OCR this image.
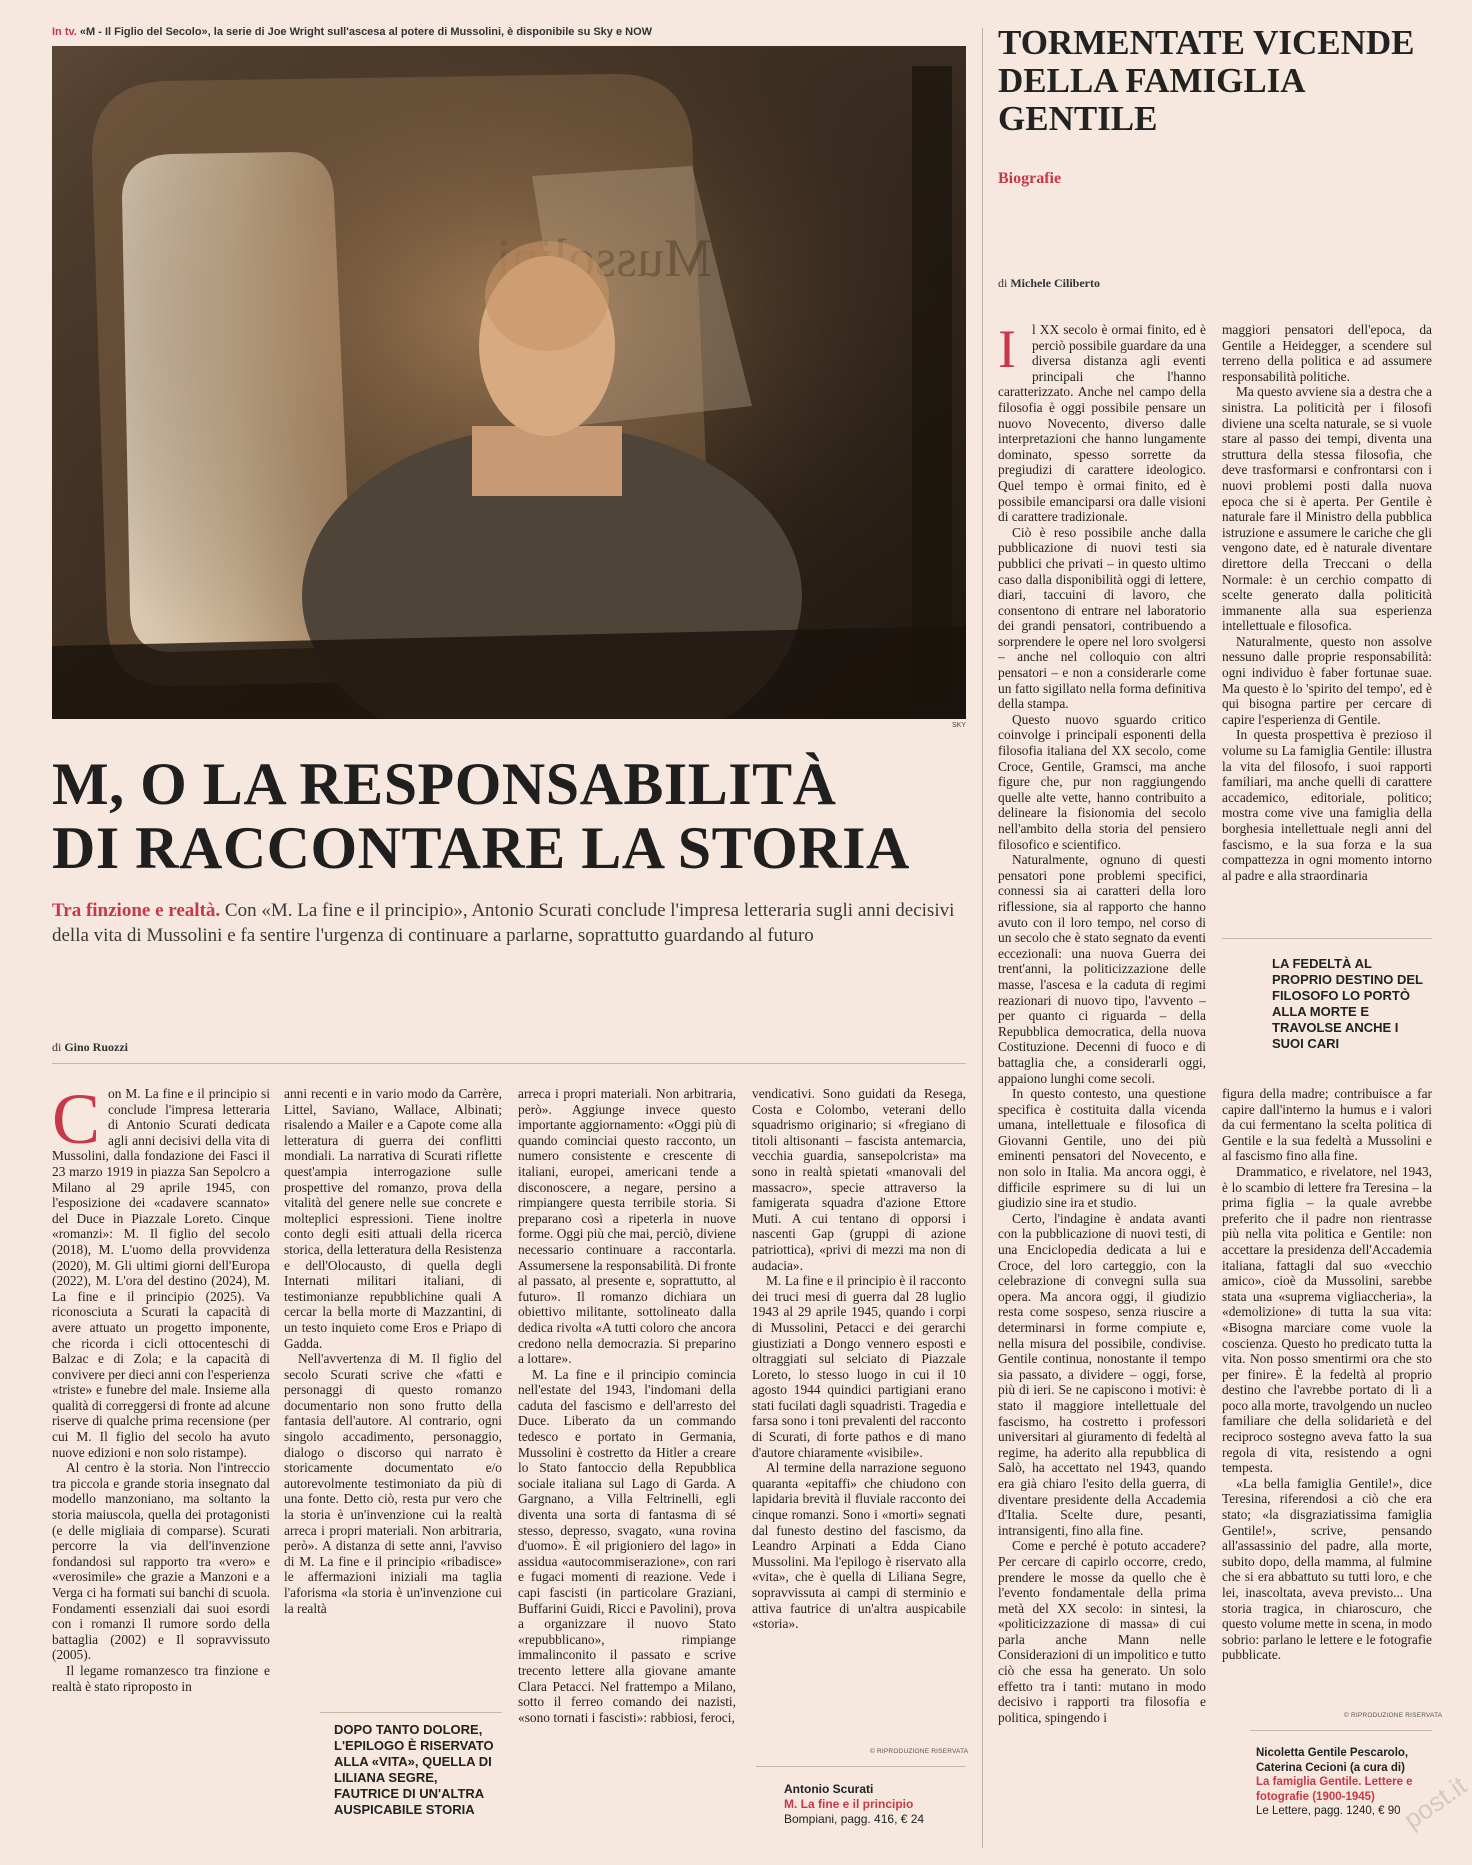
In tv. «M - Il Figlio del Secolo», la serie di Joe Wright sull'ascesa al potere di Mussolini, è disponibile su Sky e NOW
SKY
M, O LA RESPONSABILITÀ
DI RACCONTARE LA STORIA
Tra finzione e realtà. Con «M. La fine e il principio», Antonio Scurati conclude l'impresa letteraria sugli anni decisivi della vita di Mussolini e fa sentire l'urgenza di continuare a parlarne, soprattutto guardando al futuro
di Gino Ruozzi
C on M. La fine e il principio si conclude l'impresa letteraria di Antonio Scurati dedicata agli anni decisivi della vita di Mussolini, dalla fondazione dei Fasci il 23 marzo 1919 in piazza San Sepolcro a Milano al 29 aprile 1945, con l'esposizione dei «cadavere scannato» del Duce in Piazzale Loreto. Cinque «romanzi»: M. Il figlio del secolo (2018), M. L'uomo della provvidenza (2020), M. Gli ultimi giorni dell'Europa (2022), M. L'ora del destino (2024), M. La fine e il principio (2025). Va riconosciuta a Scurati la capacità di avere attuato un progetto imponente, che ricorda i cicli ottocenteschi di Balzac e di Zola; e la capacità di convivere per dieci anni con l'esperienza «triste» e funebre del male. Insieme alla qualità di correggersi di fronte ad alcune riserve di qualche prima recensione (per cui M. Il figlio del secolo ha avuto nuove edizioni e non solo ristampe).

Al centro è la storia. Non l'intreccio tra piccola e grande storia insegnato dal modello manzoniano, ma soltanto la storia maiuscola, quella dei protagonisti (e delle migliaia di comparse). Scurati percorre la via dell'invenzione fondandosi sul rapporto tra «vero» e «verosimile» che grazie a Manzoni e a Verga ci ha formati sui banchi di scuola. Fondamenti essenziali dai suoi esordi con i romanzi Il rumore sordo della battaglia (2002) e Il sopravvissuto (2005).

Il legame romanzesco tra finzione e realtà è stato riproposto in

anni recenti e in vario modo da Carrère, Littel, Saviano, Wallace, Albinati; risalendo a Mailer e a Capote come alla letteratura di guerra dei conflitti mondiali. La narrativa di Scurati riflette quest'ampia interrogazione sulle prospettive del romanzo, prova della vitalità del genere nelle sue concrete e molteplici espressioni. Tiene inoltre conto degli esiti attuali della ricerca storica, della letteratura della Resistenza e dell'Olocausto, di quella degli Internati militari italiani, di testimonianze repubblichine quali A cercar la bella morte di Mazzantini, di un testo inquieto come Eros e Priapo di Gadda.

Nell'avvertenza di M. Il figlio del secolo Scurati scrive che «fatti e personaggi di questo romanzo documentario non sono frutto della fantasia dell'autore. Al contrario, ogni singolo accadimento, personaggio, dialogo o discorso qui narrato è storicamente documentato e/o autorevolmente testimoniato da più di una fonte. Detto ciò, resta pur vero che la storia è un'invenzione cui la realtà arreca i propri materiali. Non arbitraria, però». A distanza di sette anni, l'avviso di M. La fine e il principio «ribadisce» le affermazioni iniziali ma taglia l'aforisma «la storia è un'invenzione cui la realtà

DOPO TANTO DOLORE, L'EPILOGO È RISERVATO ALLA «VITA», QUELLA DI LILIANA SEGRE, FAUTRICE DI UN'ALTRA AUSPICABILE STORIA

arreca i propri materiali. Non arbitraria, però». Aggiunge invece questo importante aggiornamento: «Oggi più di quando cominciai questo racconto, un numero consistente e crescente di italiani, europei, americani tende a disconoscere, a negare, persino a rimpiangere questa terribile storia. Si preparano così a ripeterla in nuove forme. Oggi più che mai, perciò, diviene necessario continuare a raccontarla. Assumersene la responsabilità. Di fronte al passato, al presente e, soprattutto, al futuro». Il romanzo dichiara un obiettivo militante, sottolineato dalla dedica rivolta «A tutti coloro che ancora credono nella democrazia. Si preparino a lottare».

M. La fine e il principio comincia nell'estate del 1943, l'indomani della caduta del fascismo e dell'arresto del Duce. Liberato da un commando tedesco e portato in Germania, Mussolini è costretto da Hitler a creare lo Stato fantoccio della Repubblica sociale italiana sul Lago di Garda. A Gargnano, a Villa Feltrinelli, egli diventa una sorta di fantasma di sé stesso, depresso, svagato, «una rovina d'uomo». È «il prigioniero del lago» in assidua «autocommiserazione», con rari e fugaci momenti di reazione. Vede i capi fascisti (in particolare Graziani, Buffarini Guidi, Ricci e Pavolini), prova a organizzare il nuovo Stato «repubblicano», rimpiange immalinconito il passato e scrive trecento lettere alla giovane amante Clara Petacci. Nel frattempo a Milano, sotto il ferreo comando dei nazisti, «sono tornati i fascisti»: rabbiosi, feroci,

vendicativi. Sono guidati da Resega, Costa e Colombo, veterani dello squadrismo originario; si «fregiano di titoli altisonanti – fascista antemarcia, vecchia guardia, sansepolcrista» ma sono in realtà spietati «manovali del massacro», specie attraverso la famigerata squadra d'azione Ettore Muti. A cui tentano di opporsi i nascenti Gap (gruppi di azione patriottica), «privi di mezzi ma non di audacia».

M. La fine e il principio è il racconto dei truci mesi di guerra dal 28 luglio 1943 al 29 aprile 1945, quando i corpi di Mussolini, Petacci e dei gerarchi giustiziati a Dongo vennero esposti e oltraggiati sul selciato di Piazzale Loreto, lo stesso luogo in cui il 10 agosto 1944 quindici partigiani erano stati fucilati dagli squadristi. Tragedia e farsa sono i toni prevalenti del racconto di Scurati, di forte pathos e di mano d'autore chiaramente «visibile».

Al termine della narrazione seguono quaranta «epitaffi» che chiudono con lapidaria brevità il fluviale racconto dei cinque romanzi. Sono i «morti» segnati dal funesto destino del fascismo, da Leandro Arpinati a Edda Ciano Mussolini. Ma l'epilogo è riservato alla «vita», che è quella di Liliana Segre, sopravvissuta ai campi di sterminio e attiva fautrice di un'altra auspicabile «storia».

© RIPRODUZIONE RISERVATA
Antonio Scurati
M. La fine e il principio
Bompiani, pagg. 416, € 24
TORMENTATE VICENDE DELLA FAMIGLIA GENTILE
Biografie
di Michele Ciliberto
I	l XX secolo è ormai finito, ed è perciò possibile guardare da una diversa distanza agli eventi principali che l'hanno caratterizzato. Anche nel campo della filosofia è oggi possibile pensare un nuovo Novecento, diverso dalle interpretazioni che hanno lungamente dominato, spesso sorrette da pregiudizi di carattere ideologico. Quel tempo è ormai finito, ed è possibile emanciparsi ora dalle visioni di carattere tradizionale.

Ciò è reso possibile anche dalla pubblicazione di nuovi testi sia pubblici che privati – in questo ultimo caso dalla disponibilità oggi di lettere, diari, taccuini di lavoro, che consentono di entrare nel laboratorio dei grandi pensatori, contribuendo a sorprendere le opere nel loro svolgersi – anche nel colloquio con altri pensatori – e non a considerarle come un fatto sigillato nella forma definitiva della stampa.

Questo nuovo sguardo critico coinvolge i principali esponenti della filosofia italiana del XX secolo, come Croce, Gentile, Gramsci, ma anche figure che, pur non raggiungendo quelle alte vette, hanno contribuito a delineare la fisionomia del secolo nell'ambito della storia del pensiero filosofico e scientifico.

Naturalmente, ognuno di questi pensatori pone problemi specifici, connessi sia ai caratteri della loro riflessione, sia al rapporto che hanno avuto con il loro tempo, nel corso di un secolo che è stato segnato da eventi eccezionali: una nuova Guerra dei trent'anni, la politicizzazione delle masse, l'ascesa e la caduta di regimi reazionari di nuovo tipo, l'avvento – per quanto ci riguarda – della Repubblica democratica, della nuova Costituzione. Decenni di fuoco e di battaglia che, a considerarli oggi, appaiono lunghi come secoli.

In questo contesto, una questione specifica è costituita dalla vicenda umana, intellettuale e filosofica di Giovanni Gentile, uno dei più eminenti pensatori del Novecento, e non solo in Italia. Ma ancora oggi, è difficile esprimere su di lui un giudizio sine ira et studio.

Certo, l'indagine è andata avanti con la pubblicazione di nuovi testi, di una Enciclopedia dedicata a lui e Croce, del loro carteggio, con la celebrazione di convegni sulla sua opera. Ma ancora oggi, il giudizio resta come sospeso, senza riuscire a determinarsi in forme compiute e, nella misura del possibile, condivise. Gentile continua, nonostante il tempo sia passato, a dividere – oggi, forse, più di ieri. Se ne capiscono i motivi: è stato il maggiore intellettuale del fascismo, ha costretto i professori universitari al giuramento di fedeltà al regime, ha aderito alla repubblica di Salò, ha accettato nel 1943, quando era già chiaro l'esito della guerra, di diventare presidente della Accademia d'Italia. Scelte dure, pesanti, intransigenti, fino alla fine.

Come e perché è potuto accadere? Per cercare di capirlo occorre, credo, prendere le mosse da quello che è l'evento fondamentale della prima metà del XX secolo: in sintesi, la «politicizzazione di massa» di cui parla anche Mann nelle Considerazioni di un impolitico e tutto ciò che essa ha generato. Un solo effetto tra i tanti: mutano in modo decisivo i rapporti tra filosofia e politica, spingendo i

maggiori pensatori dell'epoca, da Gentile a Heidegger, a scendere sul terreno della politica e ad assumere responsabilità politiche.

Ma questo avviene sia a destra che a sinistra. La politicità per i filosofi diviene una scelta naturale, se si vuole stare al passo dei tempi, diventa una struttura della stessa filosofia, che deve trasformarsi e confrontarsi con i nuovi problemi posti dalla nuova epoca che si è aperta. Per Gentile è naturale fare il Ministro della pubblica istruzione e assumere le cariche che gli vengono date, ed è naturale diventare direttore della Treccani o della Normale: è un cerchio compatto di scelte generato dalla politicità immanente alla sua esperienza intellettuale e filosofica.

Naturalmente, questo non assolve nessuno dalle proprie responsabilità: ogni individuo è faber fortunae suae. Ma questo è lo 'spirito del tempo', ed è qui bisogna partire per cercare di capire l'esperienza di Gentile.

In questa prospettiva è prezioso il volume su La famiglia Gentile: illustra la vita del filosofo, i suoi rapporti familiari, ma anche quelli di carattere accademico, editoriale, politico; mostra come vive una famiglia della borghesia intellettuale negli anni del fascismo, e la sua forza e la sua compattezza in ogni momento intorno al padre e alla straordinaria

LA FEDELTÀ AL PROPRIO DESTINO DEL FILOSOFO LO PORTÒ ALLA MORTE E TRAVOLSE ANCHE I SUOI CARI

figura della madre; contribuisce a far capire dall'interno la humus e i valori da cui fermentano la scelta politica di Gentile e la sua fedeltà a Mussolini e al fascismo fino alla fine.

Drammatico, e rivelatore, nel 1943, è lo scambio di lettere fra Teresina – la prima figlia – la quale avrebbe preferito che il padre non rientrasse più nella vita politica e Gentile: non accettare la presidenza dell'Accademia italiana, fattagli dal suo «vecchio amico», cioè da Mussolini, sarebbe stata una «suprema vigliaccheria», la «demolizione» di tutta la sua vita: «Bisogna marciare come vuole la coscienza. Questo ho predicato tutta la vita. Non posso smentirmi ora che sto per finire». È la fedeltà al proprio destino che l'avrebbe portato di lì a poco alla morte, travolgendo un nucleo familiare che della solidarietà e del reciproco sostegno aveva fatto la sua regola di vita, resistendo a ogni tempesta.

«La bella famiglia Gentile!», dice Teresina, riferendosi a ciò che era stato; «la disgraziatissima famiglia Gentile!», scrive, pensando all'assassinio del padre, alla morte, subito dopo, della mamma, al fulmine che si era abbattuto su tutti loro, e che lei, inascoltata, aveva previsto... Una storia tragica, in chiaroscuro, che questo volume mette in scena, in modo sobrio: parlano le lettere e le fotografie pubblicate.

© RIPRODUZIONE RISERVATA
Nicoletta Gentile Pescarolo, Caterina Cecioni (a cura di)
La famiglia Gentile. Lettere e fotografie (1900-1945)
Le Lettere, pagg. 1240, € 90
post.it
